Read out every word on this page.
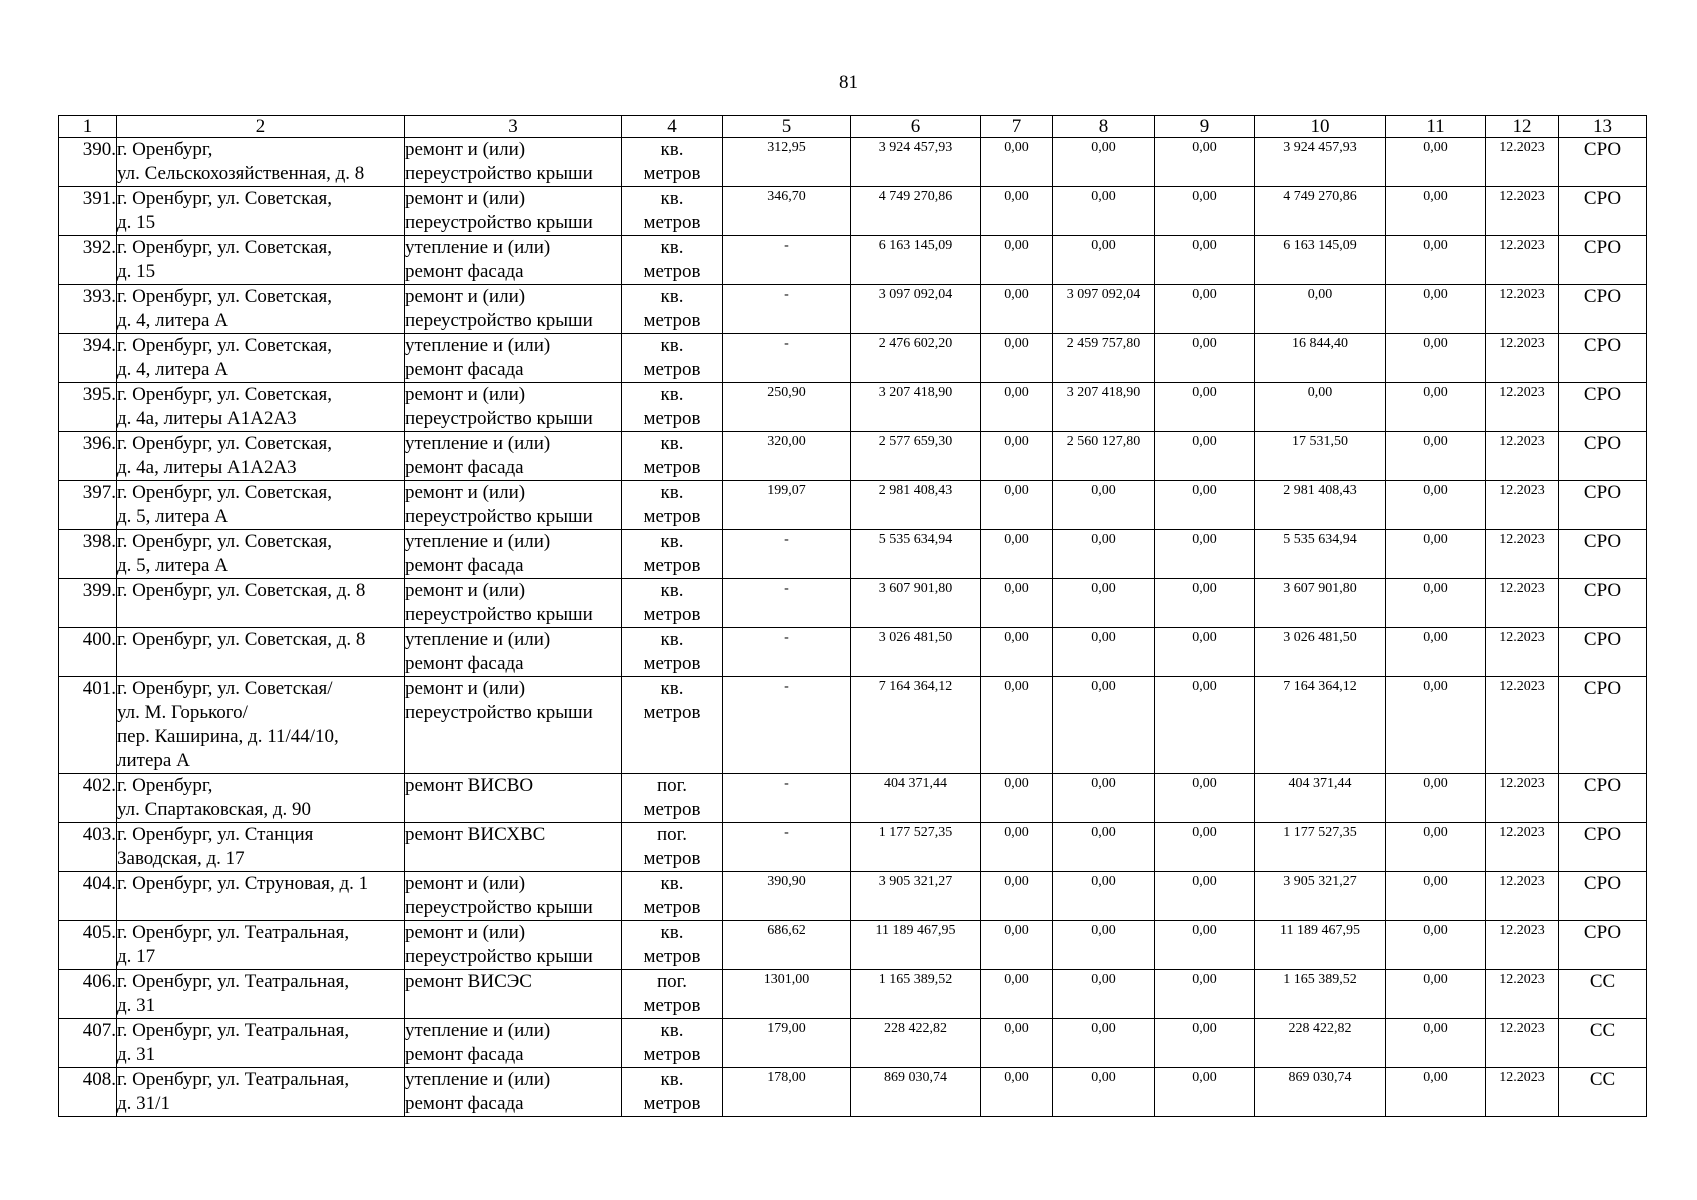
81
1	2	3	4	5	6	7	8	9	10	11	12	13
390.	г. Оренбург,
ул. Сельскохозяйственная, д. 8	ремонт и (или)
переустройство крыши	кв.
метров	312,95	3 924 457,93	0,00	0,00	0,00	3 924 457,93	0,00	12.2023	СРО
391.	г. Оренбург, ул. Советская,
д. 15	ремонт и (или)
переустройство крыши	кв.
метров	346,70	4 749 270,86	0,00	0,00	0,00	4 749 270,86	0,00	12.2023	СРО
392.	г. Оренбург, ул. Советская,
д. 15	утепление и (или)
ремонт фасада	кв.
метров	-	6 163 145,09	0,00	0,00	0,00	6 163 145,09	0,00	12.2023	СРО
393.	г. Оренбург, ул. Советская,
д. 4, литера А	ремонт и (или)
переустройство крыши	кв.
метров	-	3 097 092,04	0,00	3 097 092,04	0,00	0,00	0,00	12.2023	СРО
394.	г. Оренбург, ул. Советская,
д. 4, литера А	утепление и (или)
ремонт фасада	кв.
метров	-	2 476 602,20	0,00	2 459 757,80	0,00	16 844,40	0,00	12.2023	СРО
395.	г. Оренбург, ул. Советская,
д. 4а, литеры А1А2А3	ремонт и (или)
переустройство крыши	кв.
метров	250,90	3 207 418,90	0,00	3 207 418,90	0,00	0,00	0,00	12.2023	СРО
396.	г. Оренбург, ул. Советская,
д. 4а, литеры А1А2А3	утепление и (или)
ремонт фасада	кв.
метров	320,00	2 577 659,30	0,00	2 560 127,80	0,00	17 531,50	0,00	12.2023	СРО
397.	г. Оренбург, ул. Советская,
д. 5, литера А	ремонт и (или)
переустройство крыши	кв.
метров	199,07	2 981 408,43	0,00	0,00	0,00	2 981 408,43	0,00	12.2023	СРО
398.	г. Оренбург, ул. Советская,
д. 5, литера А	утепление и (или)
ремонт фасада	кв.
метров	-	5 535 634,94	0,00	0,00	0,00	5 535 634,94	0,00	12.2023	СРО
399.	г. Оренбург, ул. Советская, д. 8	ремонт и (или)
переустройство крыши	кв.
метров	-	3 607 901,80	0,00	0,00	0,00	3 607 901,80	0,00	12.2023	СРО
400.	г. Оренбург, ул. Советская, д. 8	утепление и (или)
ремонт фасада	кв.
метров	-	3 026 481,50	0,00	0,00	0,00	3 026 481,50	0,00	12.2023	СРО
401.	г. Оренбург, ул. Советская/
ул. М. Горького/
пер. Каширина, д. 11/44/10,
литера А	ремонт и (или)
переустройство крыши	кв.
метров	-	7 164 364,12	0,00	0,00	0,00	7 164 364,12	0,00	12.2023	СРО
402.	г. Оренбург,
ул. Спартаковская, д. 90	ремонт ВИСВО	пог.
метров	-	404 371,44	0,00	0,00	0,00	404 371,44	0,00	12.2023	СРО
403.	г. Оренбург, ул. Станция
Заводская, д. 17	ремонт ВИСХВС	пог.
метров	-	1 177 527,35	0,00	0,00	0,00	1 177 527,35	0,00	12.2023	СРО
404.	г. Оренбург, ул. Струновая, д. 1	ремонт и (или)
переустройство крыши	кв.
метров	390,90	3 905 321,27	0,00	0,00	0,00	3 905 321,27	0,00	12.2023	СРО
405.	г. Оренбург, ул. Театральная,
д. 17	ремонт и (или)
переустройство крыши	кв.
метров	686,62	11 189 467,95	0,00	0,00	0,00	11 189 467,95	0,00	12.2023	СРО
406.	г. Оренбург, ул. Театральная,
д. 31	ремонт ВИСЭС	пог.
метров	1301,00	1 165 389,52	0,00	0,00	0,00	1 165 389,52	0,00	12.2023	СС
407.	г. Оренбург, ул. Театральная,
д. 31	утепление и (или)
ремонт фасада	кв.
метров	179,00	228 422,82	0,00	0,00	0,00	228 422,82	0,00	12.2023	СС
408.	г. Оренбург, ул. Театральная,
д. 31/1	утепление и (или)
ремонт фасада	кв.
метров	178,00	869 030,74	0,00	0,00	0,00	869 030,74	0,00	12.2023	СС
